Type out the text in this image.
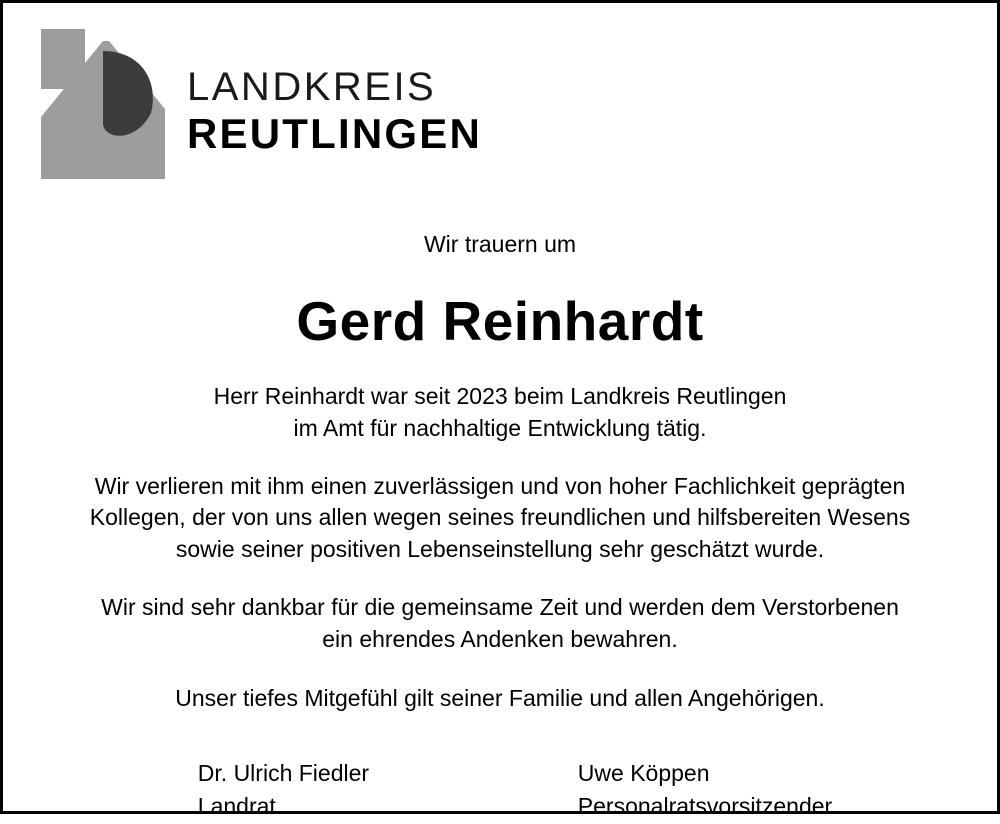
LANDKREIS
REUTLINGEN
Wir trauern um
Gerd Reinhardt
Herr Reinhardt war seit 2023 beim Landkreis Reutlingen
im Amt für nachhaltige Entwicklung tätig.
Wir verlieren mit ihm einen zuverlässigen und von hoher Fachlichkeit geprägten
Kollegen, der von uns allen wegen seines freundlichen und hilfsbereiten Wesens
sowie seiner positiven Lebenseinstellung sehr geschätzt wurde.
Wir sind sehr dankbar für die gemeinsame Zeit und werden dem Verstorbenen
ein ehrendes Andenken bewahren.
Unser tiefes Mitgefühl gilt seiner Familie und allen Angehörigen.
Dr. Ulrich Fiedler
Landrat
Uwe Köppen
Personalratsvorsitzender
